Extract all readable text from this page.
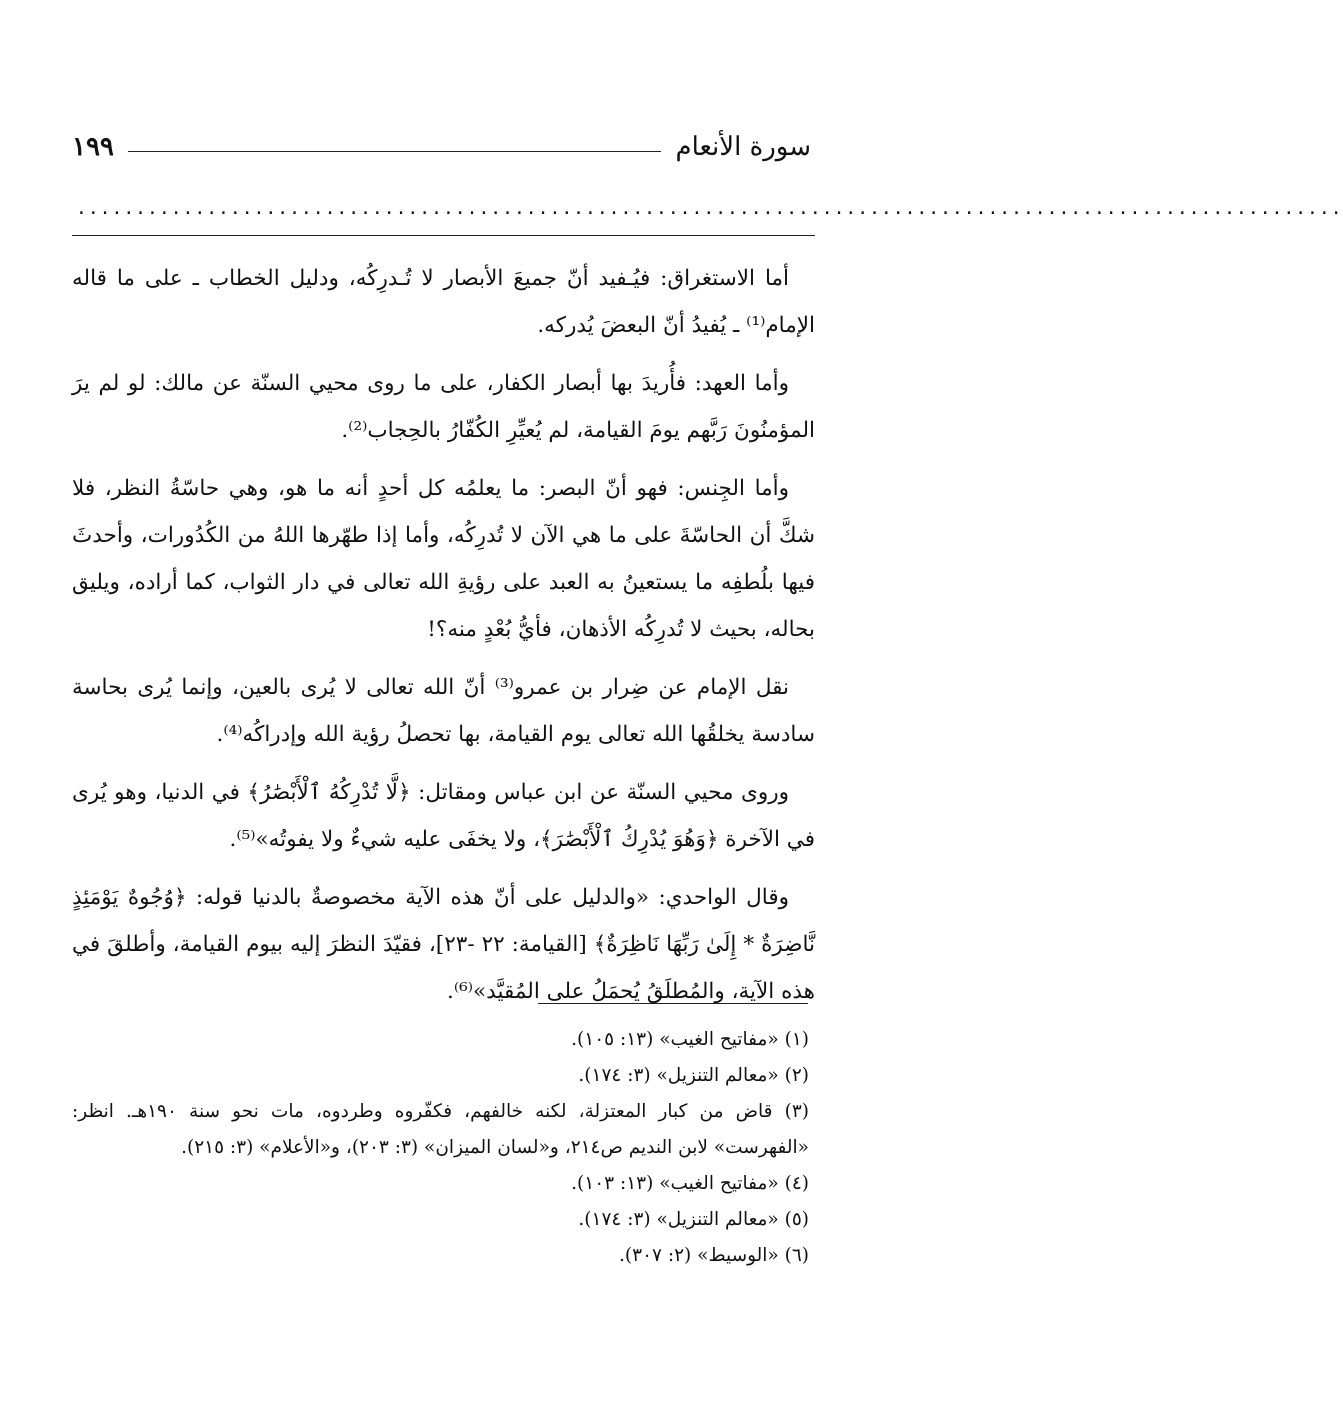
سورة الأنعام
١٩٩
...........................................................................................................

أما الاستغراق: فيُـفيد أنّ جميعَ الأبصار لا تُـدرِكُه، ودليل الخطاب ـ على ما قاله الإمام⁽¹⁾ ـ يُفيدُ أنّ البعضَ يُدركه.

وأما العهد: فأُريدَ بها أبصار الكفار، على ما روى محيي السنّة عن مالك: لو لم يرَ المؤمنُونَ رَبَّهم يومَ القيامة، لم يُعيِّرِ الكُفّارُ بالحِجاب⁽²⁾.

وأما الجِنس: فهو أنّ البصر: ما يعلمُه كل أحدٍ أنه ما هو، وهي حاسّةُ النظر، فلا شكَّ أن الحاسّةَ على ما هي الآن لا تُدرِكُه، وأما إذا طهّرها اللهُ من الكُدُورات، وأحدثَ فيها بلُطفِه ما يستعينُ به العبد على رؤيةِ الله تعالى في دار الثواب، كما أراده، ويليق بحاله، بحيث لا تُدرِكُه الأذهان، فأيُّ بُعْدٍ منه؟!

نقل الإمام عن ضِرار بن عمرو⁽³⁾ أنّ الله تعالى لا يُرى بالعين، وإنما يُرى بحاسة سادسة يخلقُها الله تعالى يوم القيامة، بها تحصلُ رؤية الله وإدراكُه⁽⁴⁾.

وروى محيي السنّة عن ابن عباس ومقاتل: ﴿لَّا تُدْرِكُهُ ٱلْأَبْصَٰرُ﴾ في الدنيا، وهو يُرى في الآخرة ﴿وَهُوَ يُدْرِكُ ٱلْأَبْصَٰرَ﴾، ولا يخفَى عليه شيءٌ ولا يفوتُه»⁽⁵⁾.

وقال الواحدي: «والدليل على أنّ هذه الآية مخصوصةٌ بالدنيا قوله: ﴿وُجُوهٌ يَوْمَئِذٍ نَّاضِرَةٌ * إِلَىٰ رَبِّهَا نَاظِرَةٌ﴾ [القيامة: ٢٢ -٢٣]، فقيّدَ النظرَ إليه بيوم القيامة، وأطلقَ في هذه الآية، والمُطلَقُ يُحمَلُ على المُقيَّد»⁽⁶⁾.

(١) «مفاتيح الغيب» (١٣: ١٠٥).

(٢) «معالم التنزيل» (٣: ١٧٤).

(٣) قاض من كبار المعتزلة، لكنه خالفهم، فكفّروه وطردوه، مات نحو سنة ١٩٠هـ. انظر: «الفهرست» لابن النديم ص٢١٤، و«لسان الميزان» (٣: ٢٠٣)، و«الأعلام» (٣: ٢١٥).

(٤) «مفاتيح الغيب» (١٣: ١٠٣).

(٥) «معالم التنزيل» (٣: ١٧٤).

(٦) «الوسيط» (٢: ٣٠٧).
